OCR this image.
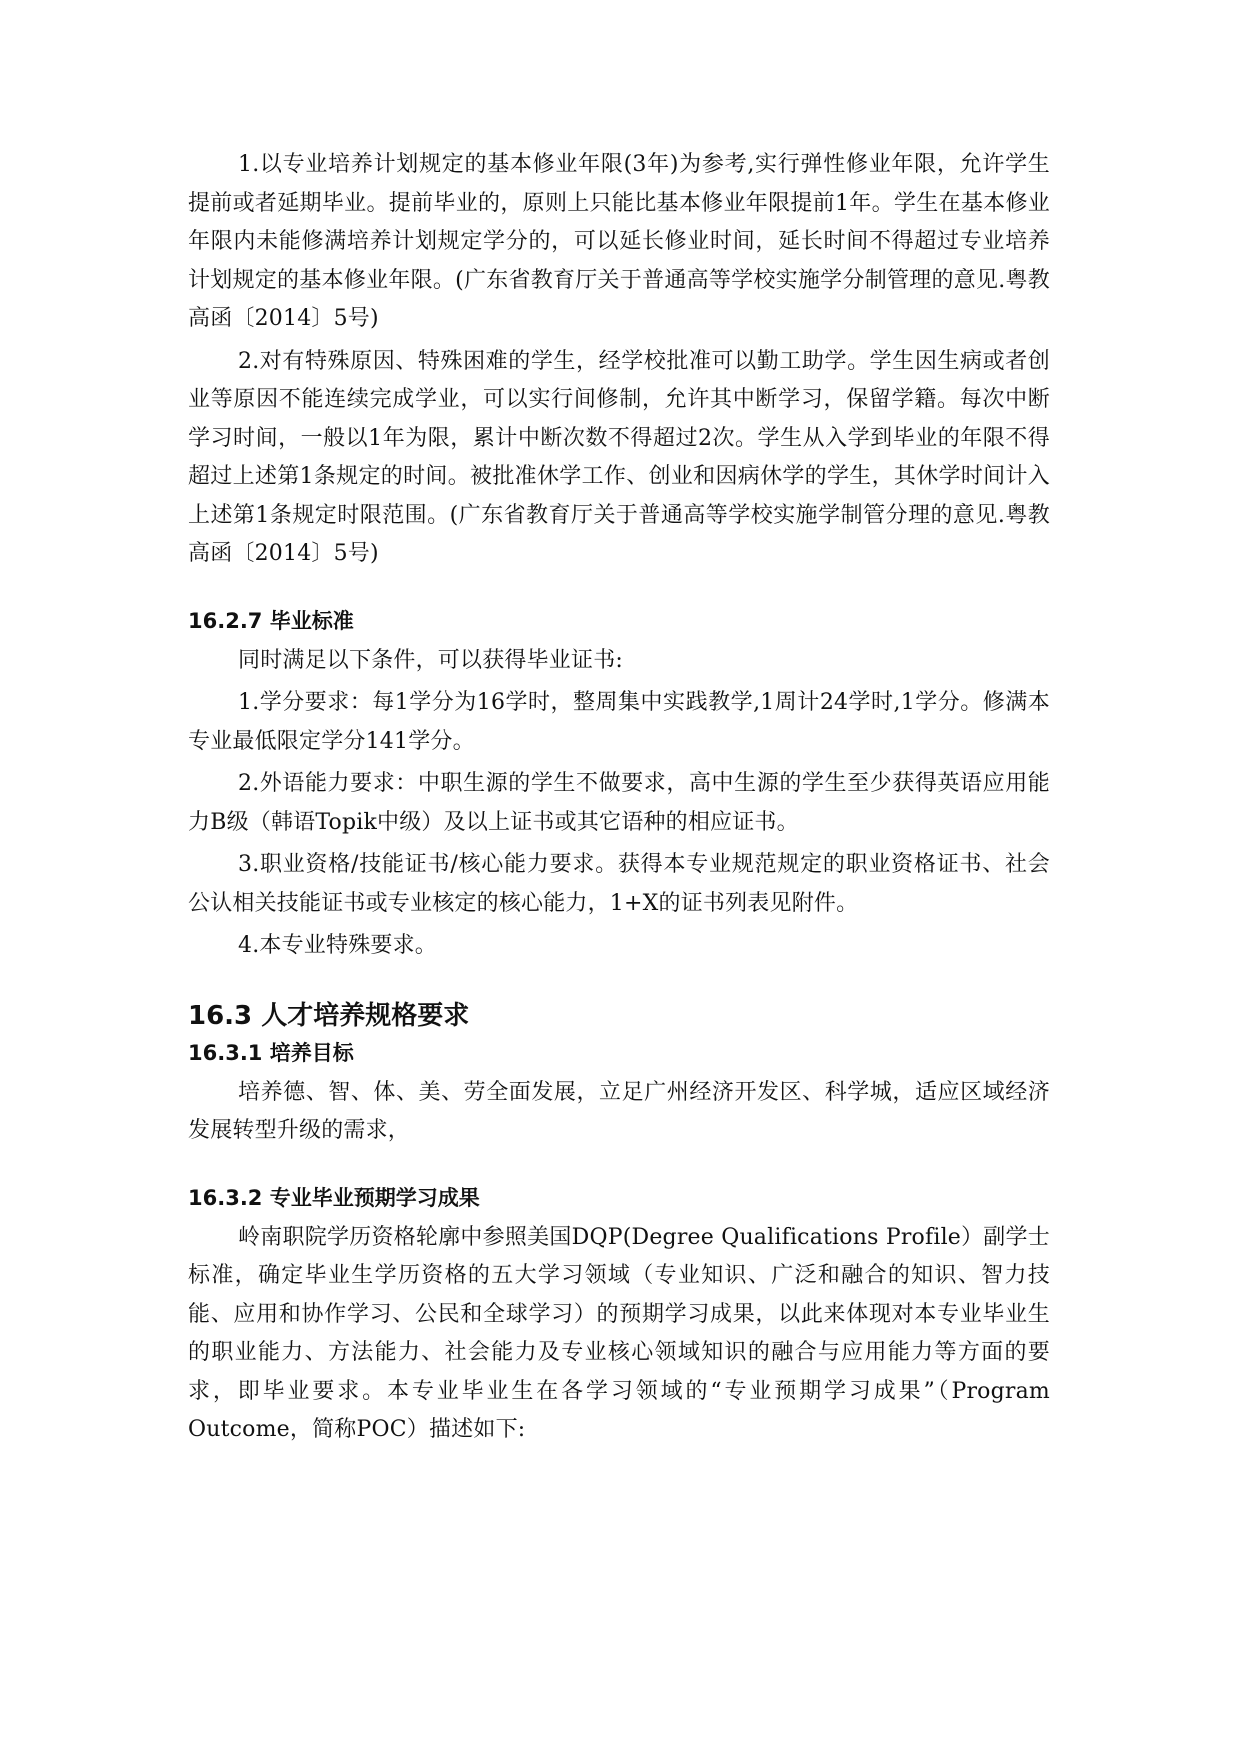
1.以专业培养计划规定的基本修业年限(3年)为参考,实行弹性修业年限，允许学生提前或者延期毕业。提前毕业的，原则上只能比基本修业年限提前1年。学生在基本修业年限内未能修满培养计划规定学分的，可以延长修业时间，延长时间不得超过专业培养计划规定的基本修业年限。(广东省教育厅关于普通高等学校实施学分制管理的意见.粤教高函〔2014〕5号)

2.对有特殊原因、特殊困难的学生，经学校批准可以勤工助学。学生因生病或者创业等原因不能连续完成学业，可以实行间修制，允许其中断学习，保留学籍。每次中断学习时间，一般以1年为限，累计中断次数不得超过2次。学生从入学到毕业的年限不得超过上述第1条规定的时间。被批准休学工作、创业和因病休学的学生，其休学时间计入上述第1条规定时限范围。(广东省教育厅关于普通高等学校实施学制管分理的意见.粤教高函〔2014〕5号)

16.2.7 毕业标准

同时满足以下条件，可以获得毕业证书:

1.学分要求：每1学分为16学时，整周集中实践教学,1周计24学时,1学分。修满本专业最低限定学分141学分。

2.外语能力要求：中职生源的学生不做要求，高中生源的学生至少获得英语应用能力B级（韩语Topik中级）及以上证书或其它语种的相应证书。

3.职业资格/技能证书/核心能力要求。获得本专业规范规定的职业资格证书、社会公认相关技能证书或专业核定的核心能力，1+X的证书列表见附件。

4.本专业特殊要求。

16.3 人才培养规格要求
16.3.1 培养目标

培养德、智、体、美、劳全面发展，立足广州经济开发区、科学城，适应区域经济发展转型升级的需求，

16.3.2 专业毕业预期学习成果

岭南职院学历资格轮廓中参照美国DQP(Degree Qualifications Profile）副学士标准，确定毕业生学历资格的五大学习领域（专业知识、广泛和融合的知识、智力技能、应用和协作学习、公民和全球学习）的预期学习成果，以此来体现对本专业毕业生的职业能力、方法能力、社会能力及专业核心领域知识的融合与应用能力等方面的要求，即毕业要求。本专业毕业生在各学习领域的“专业预期学习成果”（Program Outcome，简称POC）描述如下:
